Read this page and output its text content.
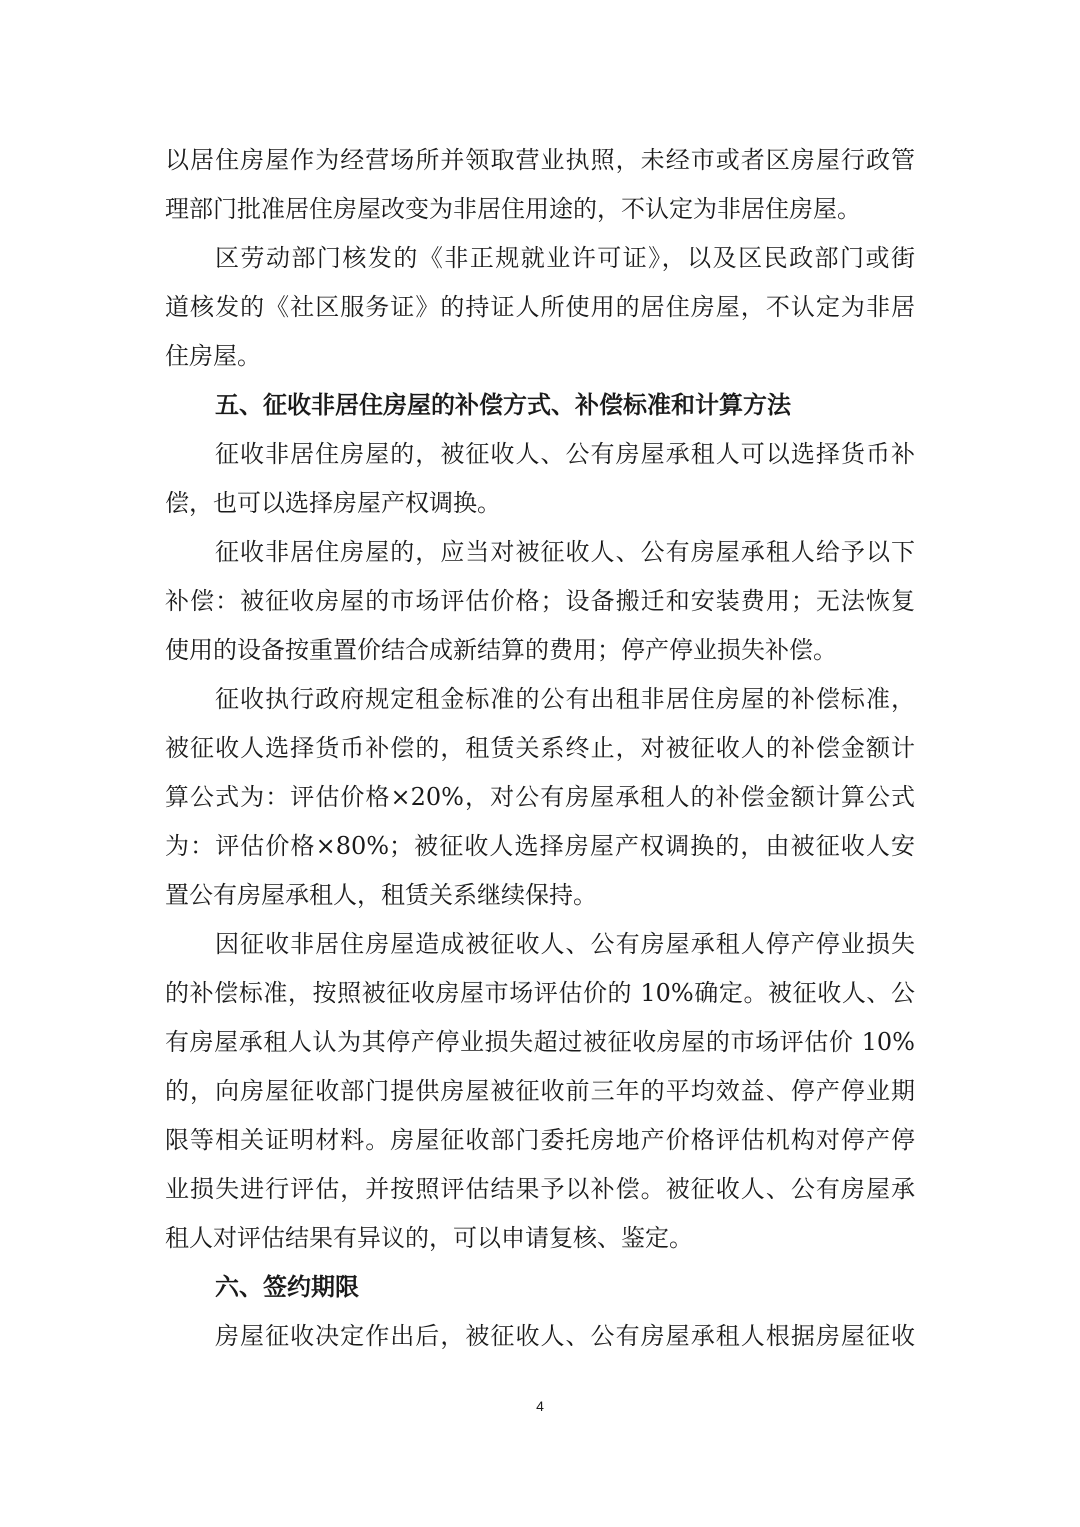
以居住房屋作为经营场所并领取营业执照，未经市或者区房屋行政管
理部门批准居住房屋改变为非居住用途的，不认定为非居住房屋。
区劳动部门核发的《非正规就业许可证》，以及区民政部门或街
道核发的《社区服务证》的持证人所使用的居住房屋，不认定为非居
住房屋。
五、征收非居住房屋的补偿方式、补偿标准和计算方法
征收非居住房屋的，被征收人、公有房屋承租人可以选择货币补
偿，也可以选择房屋产权调换。
征收非居住房屋的，应当对被征收人、公有房屋承租人给予以下
补偿：被征收房屋的市场评估价格；设备搬迁和安装费用；无法恢复
使用的设备按重置价结合成新结算的费用；停产停业损失补偿。
征收执行政府规定租金标准的公有出租非居住房屋的补偿标准，
被征收人选择货币补偿的，租赁关系终止，对被征收人的补偿金额计
算公式为：评估价格×20%，对公有房屋承租人的补偿金额计算公式
为：评估价格×80%；被征收人选择房屋产权调换的，由被征收人安
置公有房屋承租人，租赁关系继续保持。
因征收非居住房屋造成被征收人、公有房屋承租人停产停业损失
的补偿标准，按照被征收房屋市场评估价的 10%确定。被征收人、公
有房屋承租人认为其停产停业损失超过被征收房屋的市场评估价 10%
的，向房屋征收部门提供房屋被征收前三年的平均效益、停产停业期
限等相关证明材料。房屋征收部门委托房地产价格评估机构对停产停
业损失进行评估，并按照评估结果予以补偿。被征收人、公有房屋承
租人对评估结果有异议的，可以申请复核、鉴定。
六、签约期限
房屋征收决定作出后，被征收人、公有房屋承租人根据房屋征收
4
